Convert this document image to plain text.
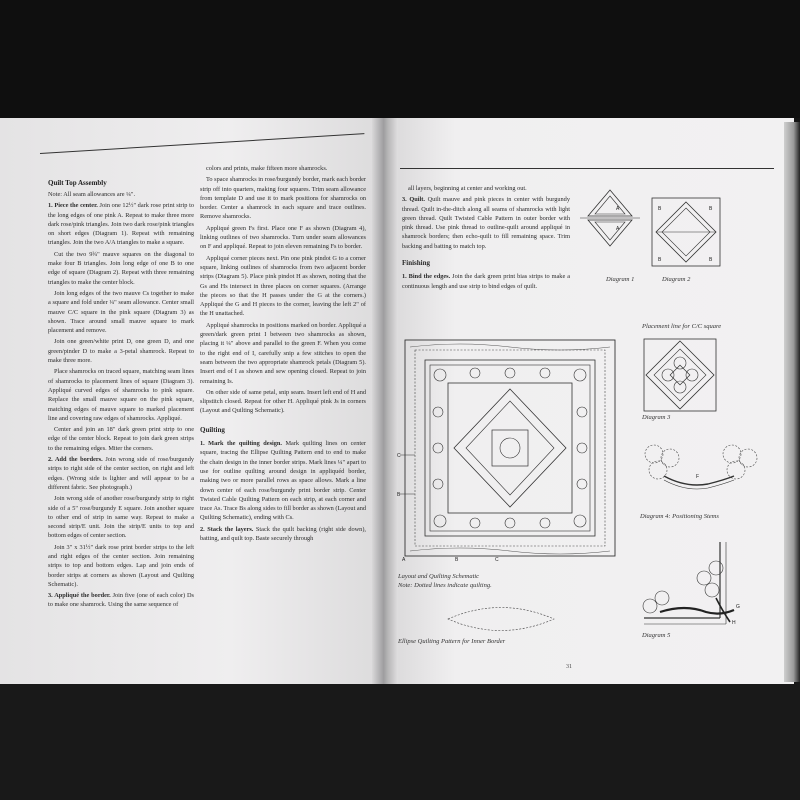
Quilt Top Assembly

Note: All seam allowances are ¼".

1. Piece the center. Join one 12½" dark rose print strip to the long edges of one pink A. Repeat to make three more dark rose/pink triangles. Join two dark rose/pink triangles on short edges (Diagram 1). Repeat with remaining triangles. Join the two A/A triangles to make a square.

Cut the two 9¾" mauve squares on the diagonal to make four B triangles. Join long edge of one B to one edge of square (Diagram 2). Repeat with three remaining triangles to make the center block.

Join long edges of the two mauve Cs together to make a square and fold under ¼" seam allowance. Center small mauve C/C square in the pink square (Diagram 3) as shown. Trace around small mauve square to mark placement and remove.

Join one green/white print D, one green D, and one green/pinder D to make a 3-petal shamrock. Repeat to make three more.

Place shamrocks on traced square, matching seam lines of shamrocks to placement lines of square (Diagram 3). Appliqué curved edges of shamrocks to pink square. Replace the small mauve square on the pink square, matching edges of mauve square to marked placement line and covering raw edges of shamrocks. Appliqué.

Center and join an 18" dark green print strip to one edge of the center block. Repeat to join dark green strips to the remaining edges. Miter the corners.

2. Add the borders. Join wrong side of rose/burgundy strips to right side of the center section, on right and left edges. (Wrong side is lighter and will appear to be a different fabric. See photograph.)

Join wrong side of another rose/burgundy strip to right side of a 5" rose/burgundy E square. Join another square to other end of strip in same way. Repeat to make a second strip/E unit. Join the strip/E units to top and bottom edges of center section.

Join 3" x 31½" dark rose print border strips to the left and right edges of the center section. Join remaining strips to top and bottom edges. Lap and join ends of border strips at corners as shown (Layout and Quilting Schematic).

3. Appliqué the border. Join five (one of each color) Ds to make one shamrock. Using the same sequence of

colors and prints, make fifteen more shamrocks.

To space shamrocks in rose/burgundy border, mark each border strip off into quarters, making four squares. Trim seam allowance from template D and use it to mark positions for shamrocks on border. Center a shamrock in each square and trace outlines. Remove shamrocks.

Appliqué green Fs first. Place one F as shown (Diagram 4), linking outlines of two shamrocks. Turn under seam allowances on F and appliqué. Repeat to join eleven remaining Fs to border.

Appliqué corner pieces next. Pin one pink pindot G to a corner square, linking outlines of shamrocks from two adjacent border strips (Diagram 5). Place pink pindot H as shown, noting that the Gs and Hs intersect in three places on corner squares. (Arrange the pieces so that the H passes under the G at the corners.) Appliqué the G and H pieces to the corner, leaving the left 2" of the H unattached.

Appliqué shamrocks in positions marked on border. Appliqué a green/dark green print I between two shamrocks as shown, placing it ¼" above and parallel to the green F. When you come to the right end of I, carefully snip a few stitches to open the seam between the two appropriate shamrock petals (Diagram 5). Insert end of I as shown and sew opening closed. Repeat to join remaining Is.

On other side of same petal, snip seam. Insert left end of H and slipstitch closed. Repeat for other H. Appliqué pink Js in corners (Layout and Quilting Schematic).

Quilting

1. Mark the quilting design. Mark quilting lines on center square, tracing the Ellipse Quilting Pattern end to end to make the chain design in the inner border strips. Mark lines ¼" apart to use for outline quilting around design in appliquéd border, making two or more parallel rows as space allows. Mark a line down center of each rose/burgundy print border strip. Center Twisted Cable Quilting Pattern on each strip, at each corner and trace As. Trace Bs along sides to fill border as shown (Layout and Quilting Schematic), ending with Cs.

2. Stack the layers. Stack the quilt backing (right side down), batting, and quilt top. Baste securely through

all layers, beginning at center and working out.

3. Quilt. Quilt mauve and pink pieces in center with burgundy thread. Quilt in-the-ditch along all seams of shamrocks with light green thread. Quilt Twisted Cable Pattern in outer border with pink thread. Use pink thread to outline-quilt around appliqué in shamrock borders; then echo-quilt to fill remaining space. Trim backing and batting to match top.

Finishing

1. Bind the edges. Join the dark green print bias strips to make a continuous length and use strip to bind edges of quilt.

A
A
Diagram 1
B	B
B	B
Diagram 2
Placement line for C/C square
Diagram 3
C
B
A	B	C
Layout and Quilting Schematic
Note: Dotted lines indicate quilting.
Ellipse Quilting Pattern for Inner Border
F
Diagram 4: Positioning Stems
G
H
Diagram 5
31
